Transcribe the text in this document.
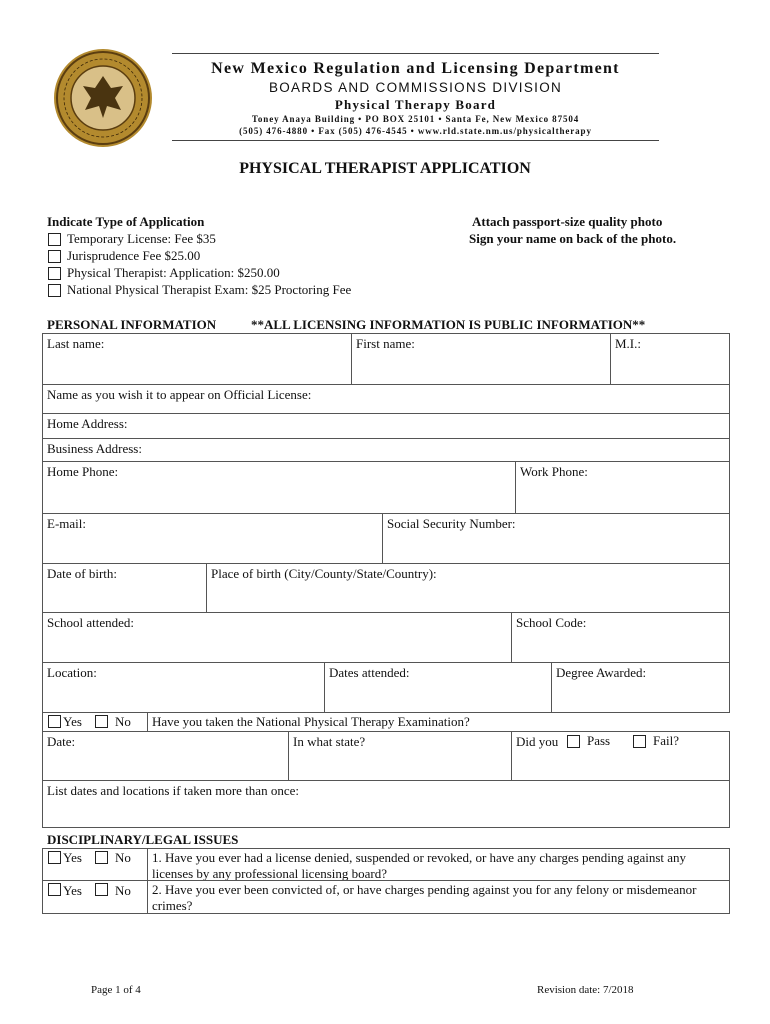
New Mexico Regulation and Licensing Department
BOARDS AND COMMISSIONS DIVISION
Physical Therapy Board
Toney Anaya Building • PO BOX 25101 • Santa Fe, New Mexico 87504
(505) 476-4880 • Fax (505) 476-4545 • www.rld.state.nm.us/physicaltherapy
PHYSICAL THERAPIST APPLICATION
Indicate Type of Application
Temporary License: Fee $35
Jurisprudence Fee $25.00
Physical Therapist: Application: $250.00
National Physical Therapist Exam: $25 Proctoring Fee
Attach passport-size quality photo
Sign your name on back of the photo.
PERSONAL INFORMATION	**ALL LICENSING INFORMATION IS PUBLIC INFORMATION**
Last name:	First name:	M.I.:
Name as you wish it to appear on Official License:
Home Address:
Business Address:
Home Phone:	Work Phone:
E-mail:	Social Security Number:
Date of birth:	Place of birth (City/County/State/Country):
School attended:	School Code:
Location:	Dates attended:	Degree Awarded:
Yes	No	Have you taken the National Physical Therapy Examination?
Date:	In what state?	Did you	Pass	Fail?
List dates and locations if taken more than once:
DISCIPLINARY/LEGAL ISSUES
Yes	No	1. Have you ever had a license denied, suspended or revoked, or have any charges pending against any licenses by any professional licensing board?
Yes	No	2. Have you ever been convicted of, or have charges pending against you for any felony or misdemeanor crimes?
Page 1 of 4	Revision date: 7/2018
